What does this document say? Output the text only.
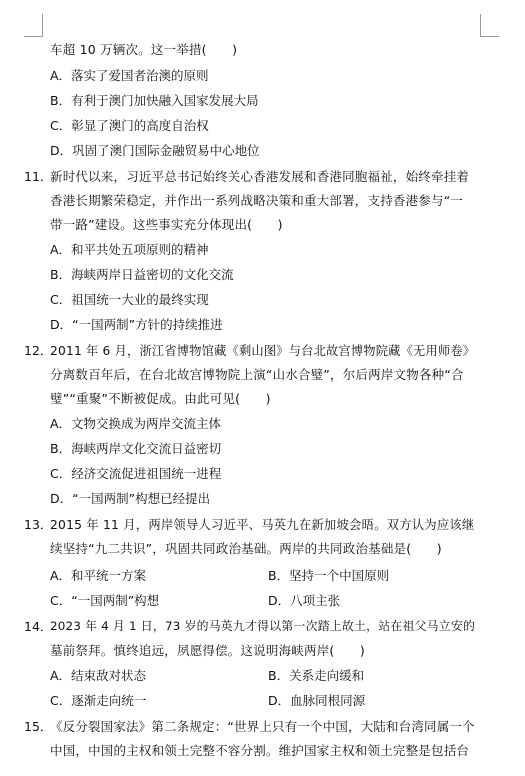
车超 10 万辆次。这一举措(　　)
A．落实了爱国者治澳的原则
B．有利于澳门加快融入国家发展大局
C．彰显了澳门的高度自治权
D．巩固了澳门国际金融贸易中心地位
11．
新时代以来，习近平总书记始终关心香港发展和香港同胞福祉，始终牵挂着
香港长期繁荣稳定，并作出一系列战略决策和重大部署，支持香港参与“一
带一路”建设。这些事实充分体现出(　　)
A．和平共处五项原则的精神
B．海峡两岸日益密切的文化交流
C．祖国统一大业的最终实现
D．“一国两制”方针的持续推进
12．
2011 年 6 月，浙江省博物馆藏《剩山图》与台北故宫博物院藏《无用师卷》
分离数百年后，在台北故宫博物院上演“山水合璧”，尔后两岸文物各种“合
璧”“重聚”不断被促成。由此可见(　　)
A．文物交换成为两岸交流主体
B．海峡两岸文化交流日益密切
C．经济交流促进祖国统一进程
D．“一国两制”构想已经提出
13．
2015 年 11 月，两岸领导人习近平、马英九在新加坡会晤。双方认为应该继
续坚持“九二共识”，巩固共同政治基础。两岸的共同政治基础是(　　)
A．和平统一方案	B．坚持一个中国原则
C．“一国两制”构想	D．八项主张
14．
2023 年 4 月 1 日，73 岁的马英九才得以第一次踏上故土，站在祖父马立安的
墓前祭拜。慎终追远，夙愿得偿。这说明海峡两岸(　　)
A．结束敌对状态	B．关系走向缓和
C．逐渐走向统一	D．血脉同根同源
15．
《反分裂国家法》第二条规定：“世界上只有一个中国，大陆和台湾同属一个
中国，中国的主权和领土完整不容分割。维护国家主权和领土完整是包括台
